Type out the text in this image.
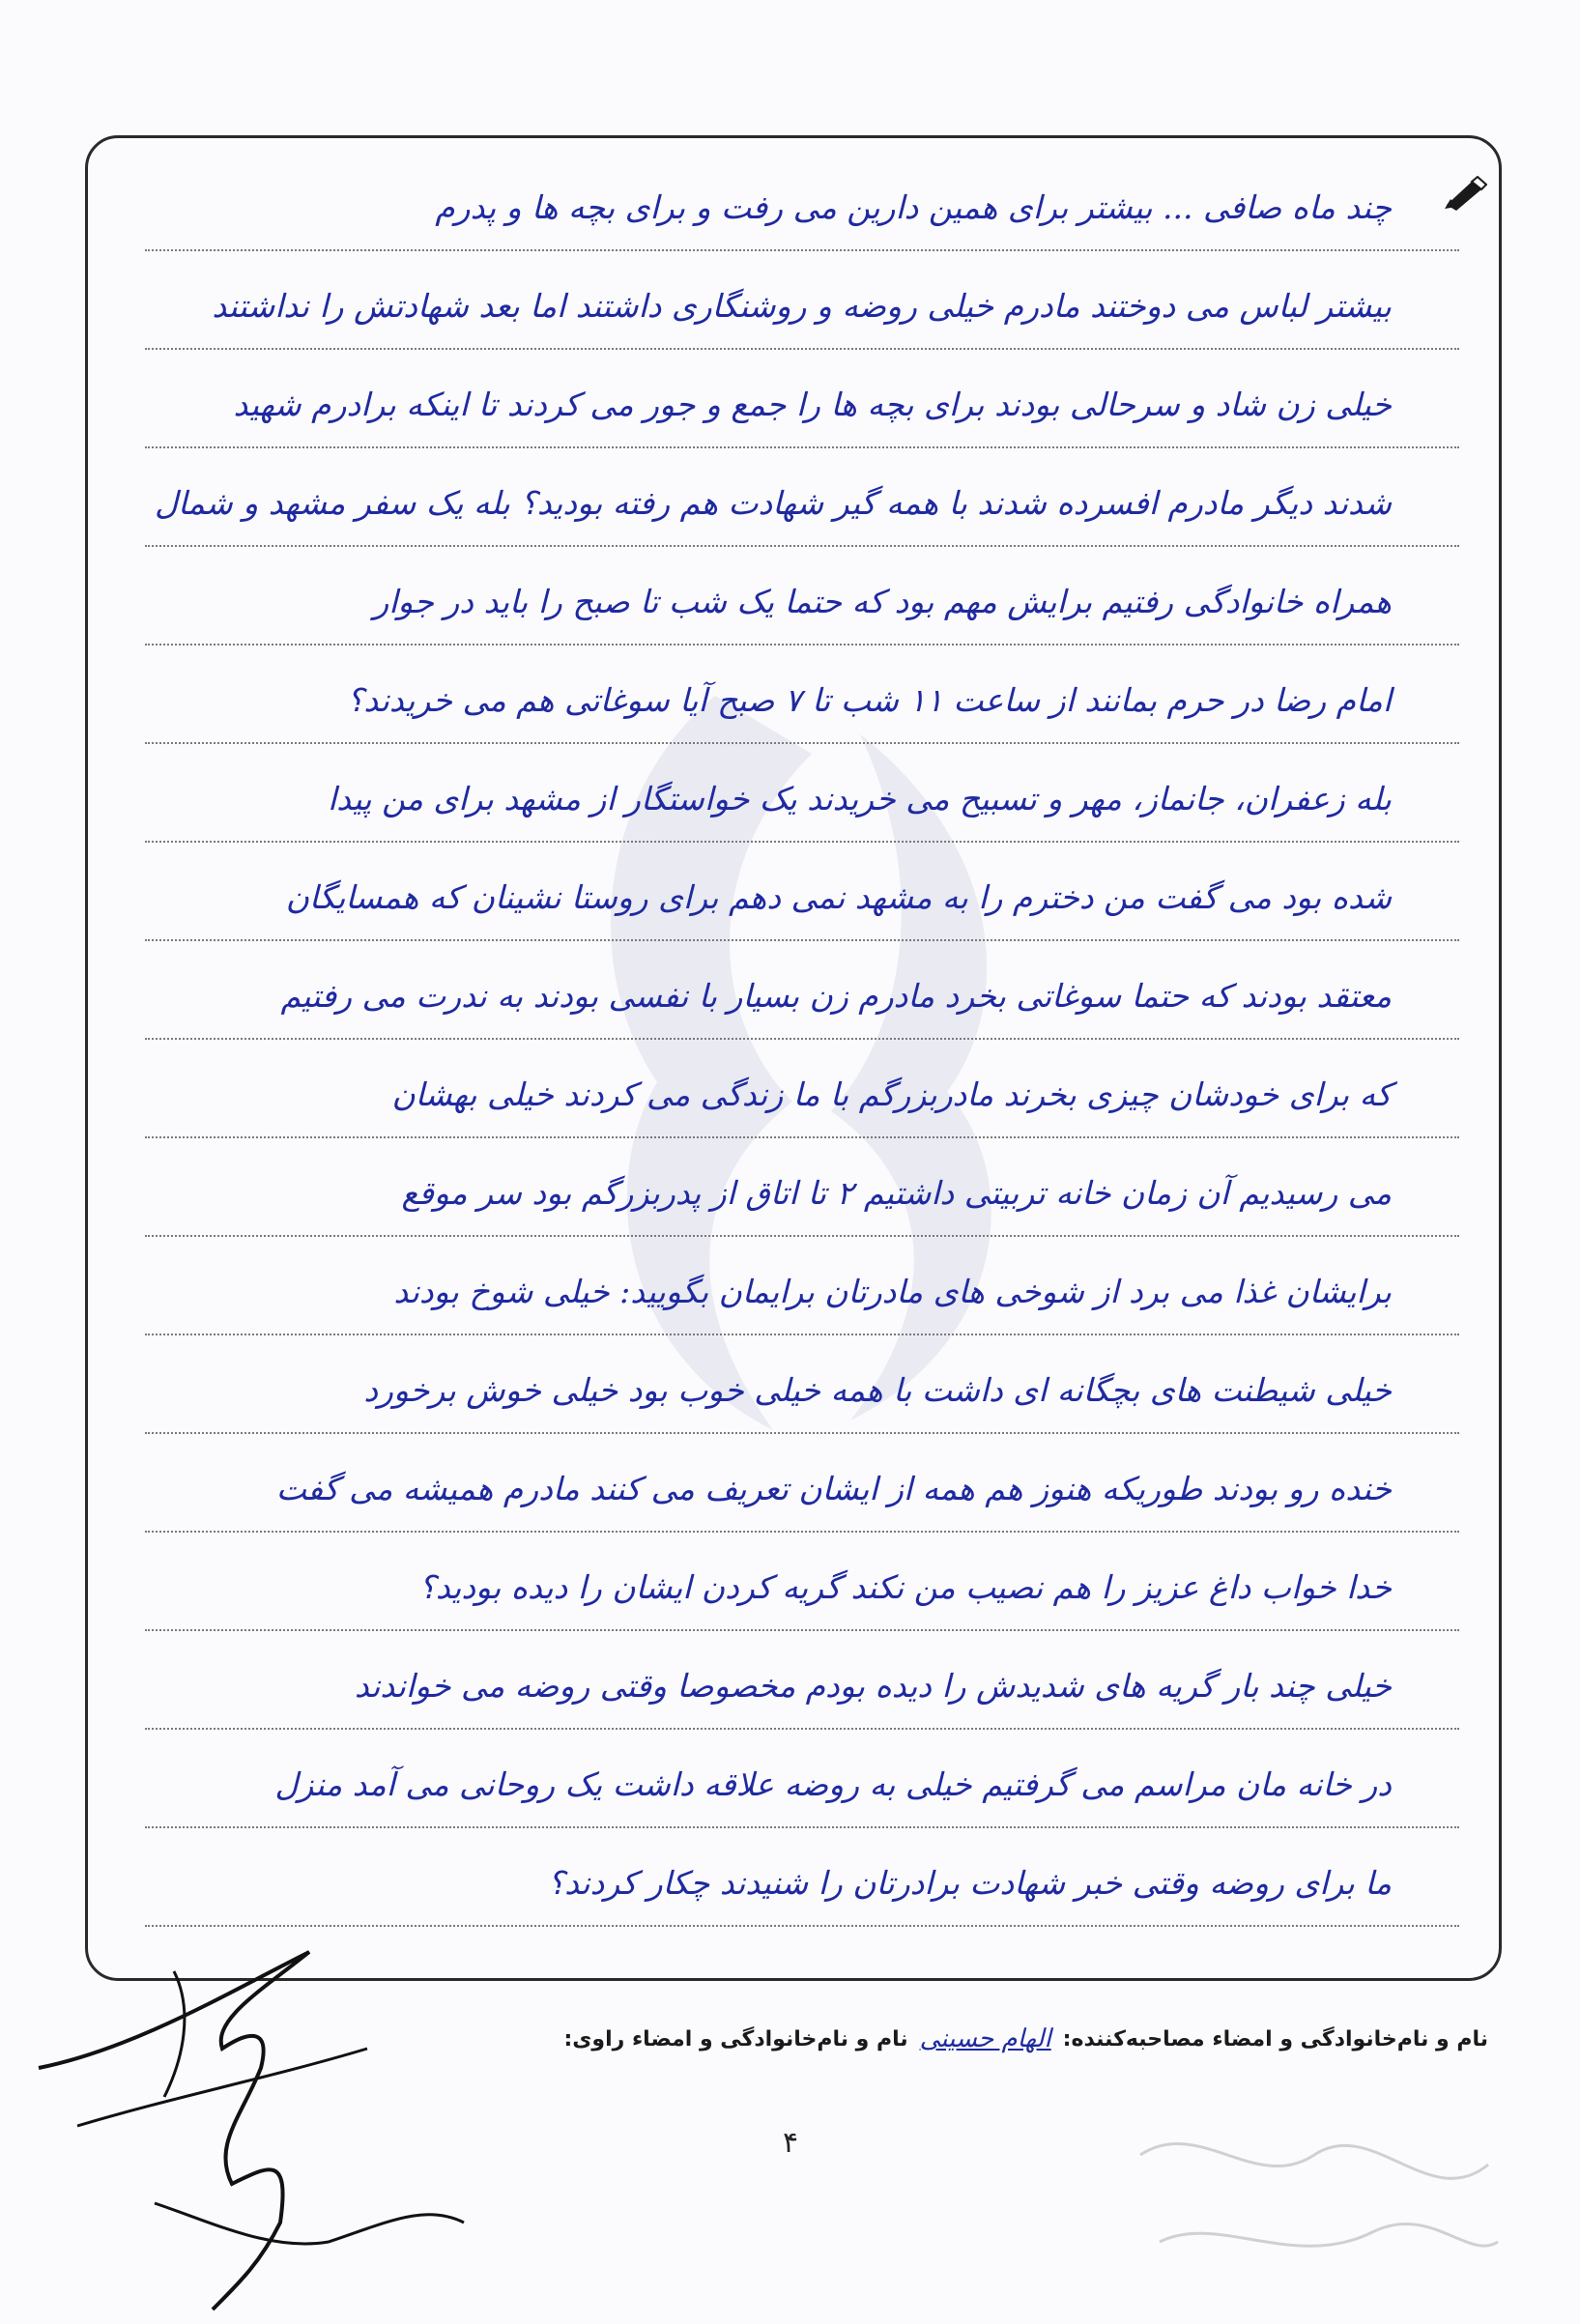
چند ماه صافی ... بیشتر برای همین دارین می رفت و برای بچه ها و پدرم
بیشتر لباس می دوختند مادرم خیلی روضه و روشنگاری داشتند اما بعد شهادتش را نداشتند
خیلی زن شاد و سرحالی بودند برای بچه ها را جمع و جور می کردند تا اینکه برادرم شهید
شدند دیگر مادرم افسرده شدند با همه گیر شهادت هم رفته بودید؟ بله یک سفر مشهد و شمال
همراه خانوادگی رفتیم برایش مهم بود که حتما یک شب تا صبح را باید در جوار
امام رضا در حرم بمانند از ساعت ۱۱ شب تا ۷ صبح آیا سوغاتی هم می خریدند؟
بله زعفران، جانماز، مهر و تسبیح می خریدند یک خواستگار از مشهد برای من پیدا
شده بود می گفت من دخترم را به مشهد نمی دهم برای روستا نشینان که همسایگان
معتقد بودند که حتما سوغاتی بخرد مادرم زن بسیار با نفسی بودند به ندرت می رفتیم
که برای خودشان چیزی بخرند مادربزرگم با ما زندگی می کردند خیلی بهشان
می رسیدیم آن زمان خانه تربیتی داشتیم ۲ تا اتاق از پدربزرگم بود سر موقع
برایشان غذا می برد از شوخی های مادرتان برایمان بگویید: خیلی شوخ بودند
خیلی شیطنت های بچگانه ای داشت با همه خیلی خوب بود خیلی خوش برخورد
خنده رو بودند طوریکه هنوز هم همه از ایشان تعریف می کنند مادرم همیشه می گفت
خدا خواب داغ عزیز را هم نصیب من نکند گریه کردن ایشان را دیده بودید؟
خیلی چند بار گریه های شدیدش را دیده بودم مخصوصا وقتی روضه می خواندند
در خانه مان مراسم می گرفتیم خیلی به روضه علاقه داشت یک روحانی می آمد منزل
ما برای روضه وقتی خبر شهادت برادرتان را شنیدند چکار کردند؟
نام و نام‌خانوادگی و امضاء مصاحبه‌کننده:
الهام حسینی
نام و نام‌خانوادگی و امضاء راوی:
۴
